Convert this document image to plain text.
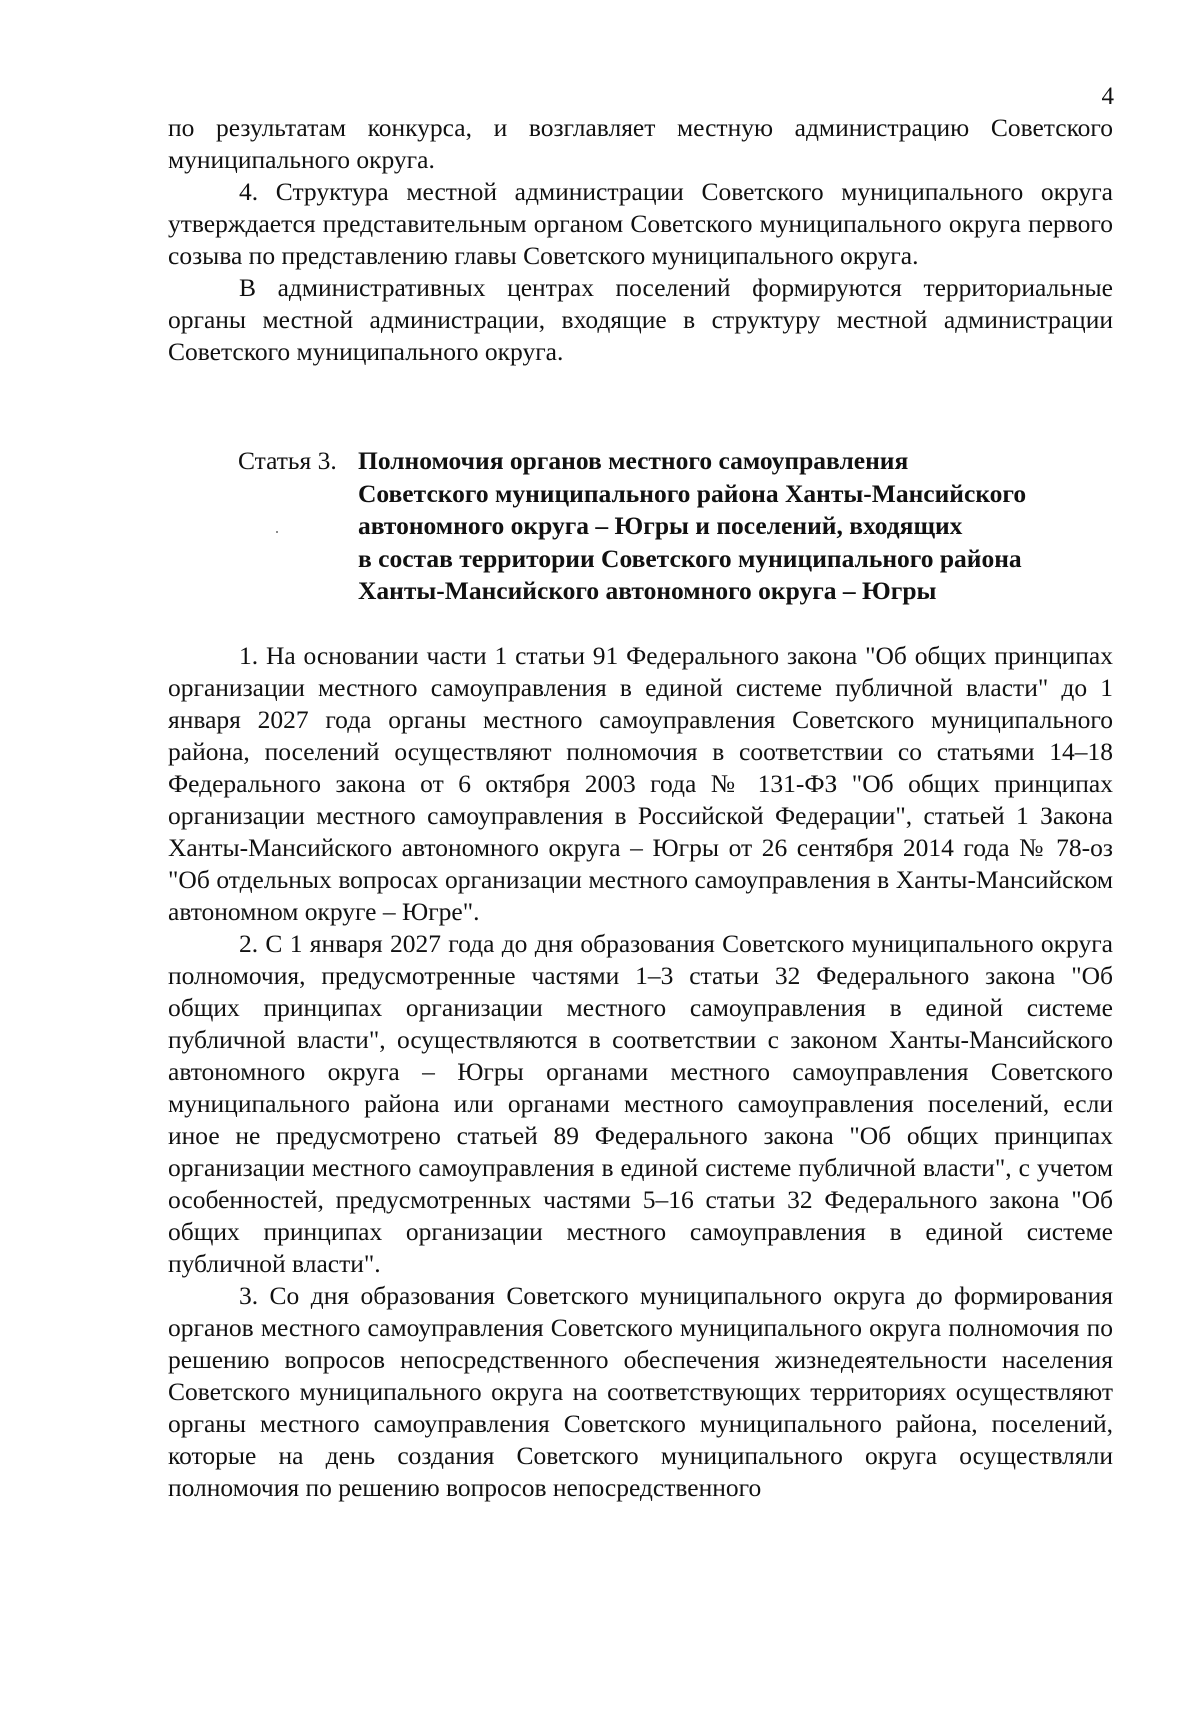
4

по результатам конкурса, и возглавляет местную администрацию Советского муниципального округа.

4. Структура местной администрации Советского муниципального округа утверждается представительным органом Советского муниципального округа первого созыва по представлению главы Советского муниципального округа.

В административных центрах поселений формируются территориальные органы местной администрации, входящие в структуру местной администрации Советского муниципального округа.

Статья 3. Полномочия органов местного самоуправления
Советского муниципального района Ханты-Мансийского
автономного округа – Югры и поселений, входящих
в состав территории Советского муниципального района
Ханты-Мансийского автономного округа – Югры

1. На основании части 1 статьи 91 Федерального закона "Об общих принципах организации местного самоуправления в единой системе публичной власти" до 1 января 2027 года органы местного самоуправления Советского муниципального района, поселений осуществляют полномочия в соответствии со статьями 14–18 Федерального закона от 6 октября 2003 года № 131-ФЗ "Об общих принципах организации местного самоуправления в Российской Федерации", статьей 1 Закона Ханты-Мансийского автономного округа – Югры от 26 сентября 2014 года № 78-оз "Об отдельных вопросах организации местного самоуправления в Ханты-Мансийском автономном округе – Югре".

2. С 1 января 2027 года до дня образования Советского муниципального округа полномочия, предусмотренные частями 1–3 статьи 32 Федерального закона "Об общих принципах организации местного самоуправления в единой системе публичной власти", осуществляются в соответствии с законом Ханты-Мансийского автономного округа – Югры органами местного самоуправления Советского муниципального района или органами местного самоуправления поселений, если иное не предусмотрено статьей 89 Федерального закона "Об общих принципах организации местного самоуправления в единой системе публичной власти", с учетом особенностей, предусмотренных частями 5–16 статьи 32 Федерального закона "Об общих принципах организации местного самоуправления в единой системе публичной власти".

3. Со дня образования Советского муниципального округа до формирования органов местного самоуправления Советского муниципального округа полномочия по решению вопросов непосредственного обеспечения жизнедеятельности населения Советского муниципального округа на соответствующих территориях осуществляют органы местного самоуправления Советского муниципального района, поселений, которые на день создания Советского муниципального округа осуществляли полномочия по решению вопросов непосредственного
